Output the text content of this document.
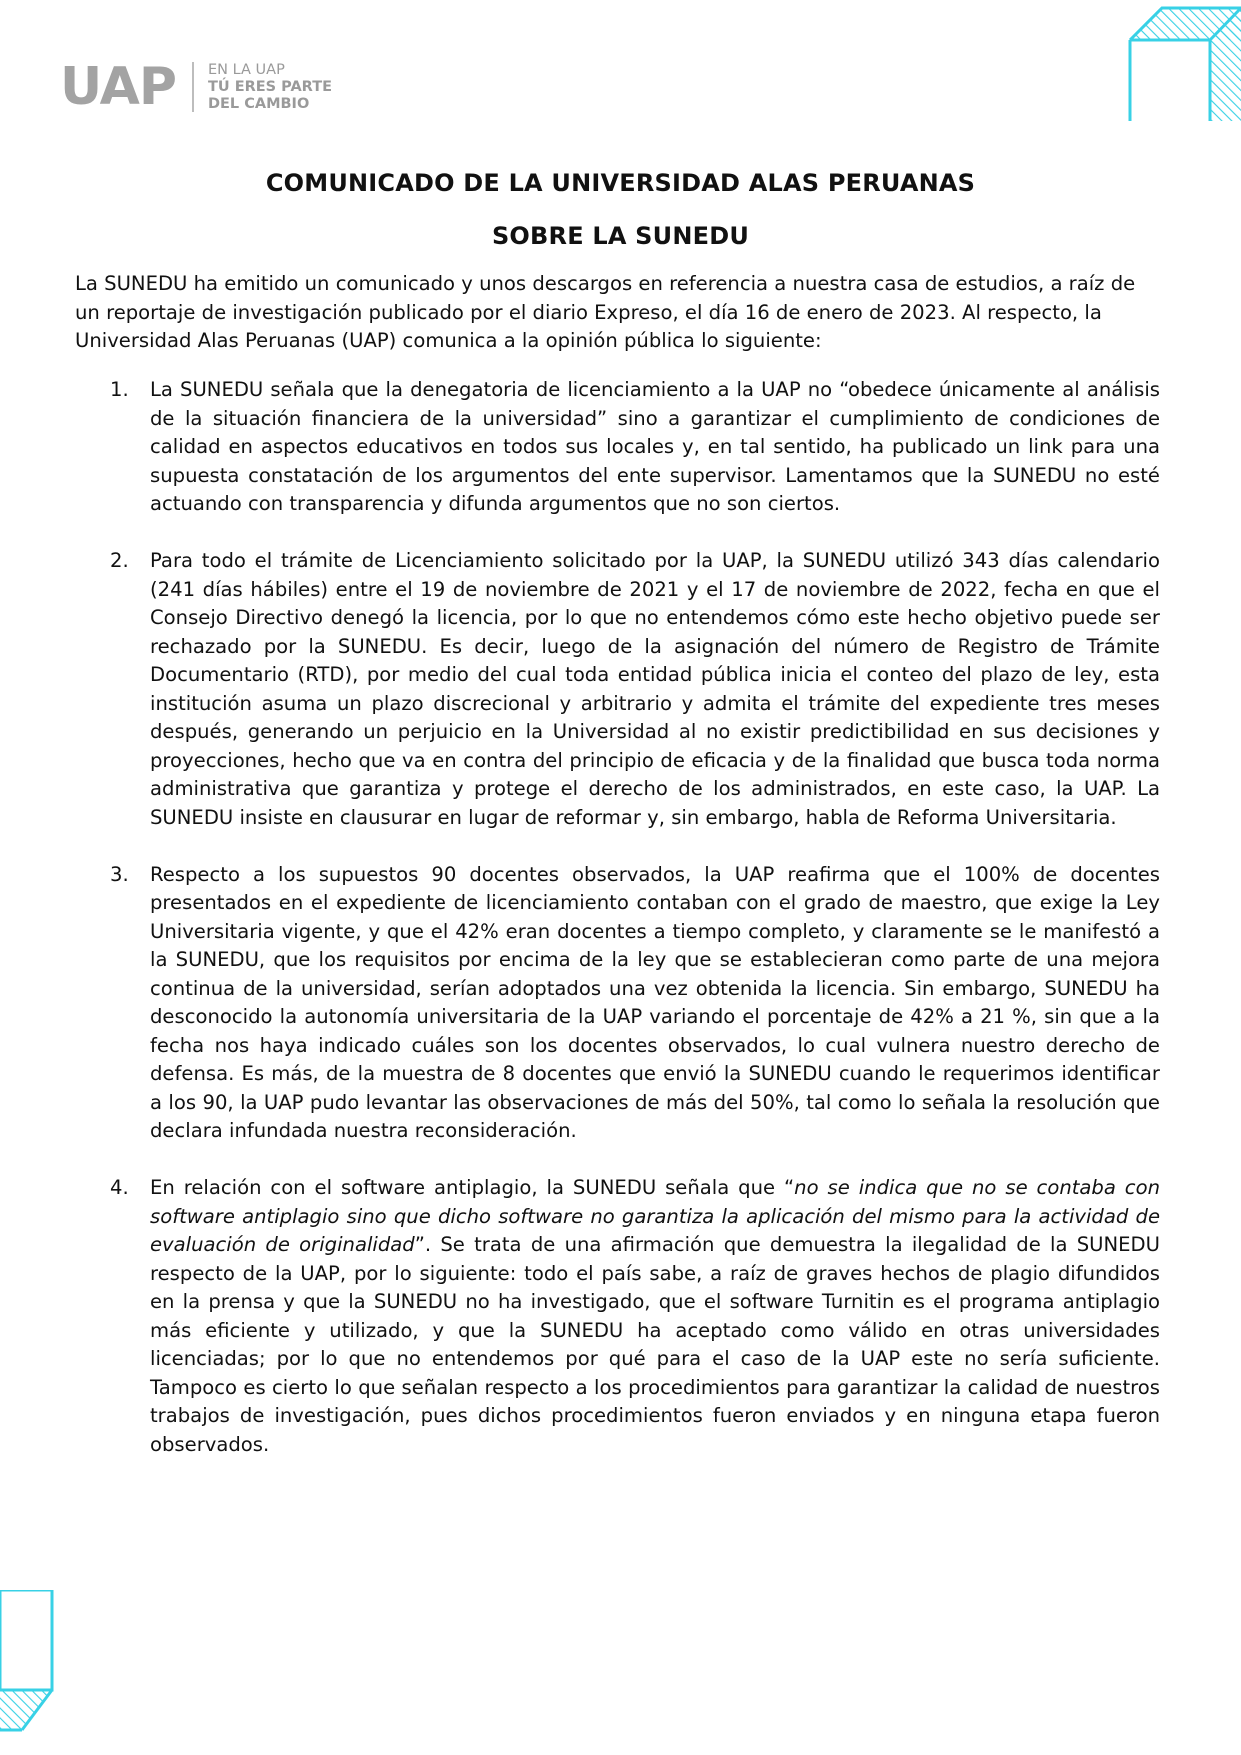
UAP EN LA UAP
TÚ ERES PARTE
DEL CAMBIO
COMUNICADO DE LA UNIVERSIDAD ALAS PERUANAS
SOBRE LA SUNEDU

La SUNEDU ha emitido un comunicado y unos descargos en referencia a nuestra casa de estudios, a raíz de un reportaje de investigación publicado por el diario Expreso, el día 16 de enero de 2023. Al respecto, la Universidad Alas Peruanas (UAP) comunica a la opinión pública lo siguiente:

1. La SUNEDU señala que la denegatoria de licenciamiento a la UAP no “obedece únicamente al análisis de la situación financiera de la universidad” sino a garantizar el cumplimiento de condiciones de calidad en aspectos educativos en todos sus locales y, en tal sentido, ha publicado un link para una supuesta constatación de los argumentos del ente supervisor. Lamentamos que la SUNEDU no esté actuando con transparencia y difunda argumentos que no son ciertos.

2. Para todo el trámite de Licenciamiento solicitado por la UAP, la SUNEDU utilizó 343 días calendario (241 días hábiles) entre el 19 de noviembre de 2021 y el 17 de noviembre de 2022, fecha en que el Consejo Directivo denegó la licencia, por lo que no entendemos cómo este hecho objetivo puede ser rechazado por la SUNEDU. Es decir, luego de la asignación del número de Registro de Trámite Documentario (RTD), por medio del cual toda entidad pública inicia el conteo del plazo de ley, esta institución asuma un plazo discrecional y arbitrario y admita el trámite del expediente tres meses después, generando un perjuicio en la Universidad al no existir predictibilidad en sus decisiones y proyecciones, hecho que va en contra del principio de eficacia y de la finalidad que busca toda norma administrativa que garantiza y protege el derecho de los administrados, en este caso, la UAP. La SUNEDU insiste en clausurar en lugar de reformar y, sin embargo, habla de Reforma Universitaria.

3. Respecto a los supuestos 90 docentes observados, la UAP reafirma que el 100% de docentes presentados en el expediente de licenciamiento contaban con el grado de maestro, que exige la Ley Universitaria vigente, y que el 42% eran docentes a tiempo completo, y claramente se le manifestó a la SUNEDU, que los requisitos por encima de la ley que se establecieran como parte de una mejora continua de la universidad, serían adoptados una vez obtenida la licencia. Sin embargo, SUNEDU ha desconocido la autonomía universitaria de la UAP variando el porcentaje de 42% a 21 %, sin que a la fecha nos haya indicado cuáles son los docentes observados, lo cual vulnera nuestro derecho de defensa. Es más, de la muestra de 8 docentes que envió la SUNEDU cuando le requerimos identificar a los 90, la UAP pudo levantar las observaciones de más del 50%, tal como lo señala la resolución que declara infundada nuestra reconsideración.

4. En relación con el software antiplagio, la SUNEDU señala que “no se indica que no se contaba con software antiplagio sino que dicho software no garantiza la aplicación del mismo para la actividad de evaluación de originalidad”. Se trata de una afirmación que demuestra la ilegalidad de la SUNEDU respecto de la UAP, por lo siguiente: todo el país sabe, a raíz de graves hechos de plagio difundidos en la prensa y que la SUNEDU no ha investigado, que el software Turnitin es el programa antiplagio más eficiente y utilizado, y que la SUNEDU ha aceptado como válido en otras universidades licenciadas; por lo que no entendemos por qué para el caso de la UAP este no sería suficiente. Tampoco es cierto lo que señalan respecto a los procedimientos para garantizar la calidad de nuestros trabajos de investigación, pues dichos procedimientos fueron enviados y en ninguna etapa fueron observados.
